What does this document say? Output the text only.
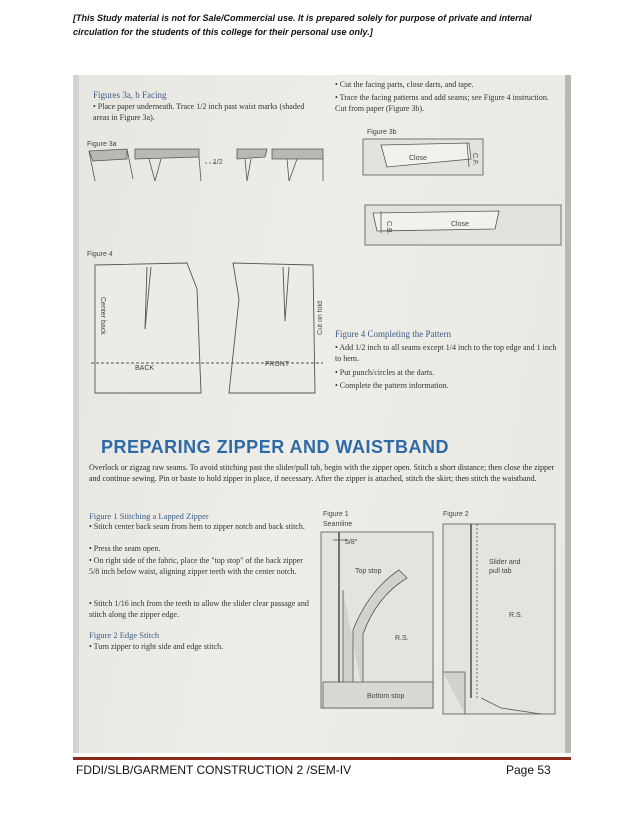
[This Study material is not for Sale/Commercial use. It is prepared solely for purpose of private and internal circulation for the students of this college for their personal use only.]
Figures 3a, b Facing
• Place paper underneath. Trace 1/2 inch past waist marks (shaded areas in Figure 3a).
• Cut the facing parts, close darts, and tape.
• Trace the facing patterns and add seams; see Figure 4 instruction. Cut from paper (Figure 3b).
Figure 3a
1/2
Figure 3b
Close	C.F.
Close
C.B.
Figure 4
Center back	Cut on fold
BACK
FRONT
Figure 4 Completing the Pattern
• Add 1/2 inch to all seams except 1/4 inch to the top edge and 1 inch to hem.
• Put punch/circles at the darts.
• Complete the pattern information.
PREPARING ZIPPER AND WAISTBAND
Overlock or zigzag raw seams. To avoid stitching past the slider/pull tab, begin with the zipper open. Stitch a short distance; then close the zipper and continue sewing. Pin or baste to hold zipper in place, if necessary. After the zipper is attached, stitch the skirt; then stitch the waistband.
Figure 1 Stitching a Lapped Zipper
• Stitch center back seam from hem to zipper notch and back stitch.
• Press the seam open.
• On right side of the fabric, place the "top stop" of the back zipper 5/8 inch below waist, aligning zipper teeth with the center notch.
• Stitch 1/16 inch from the teeth to allow the slider clear passage and stitch along the zipper edge.
Figure 2 Edge Stitch
• Turn zipper to right side and edge stitch.
Figure 1	Figure 2
Seamline
5/8"
Top stop
R.S.
Bottom stop
Slider and pull tab
R.S.
FDDI/SLB/GARMENT CONSTRUCTION 2 /SEM-IV	Page 53
